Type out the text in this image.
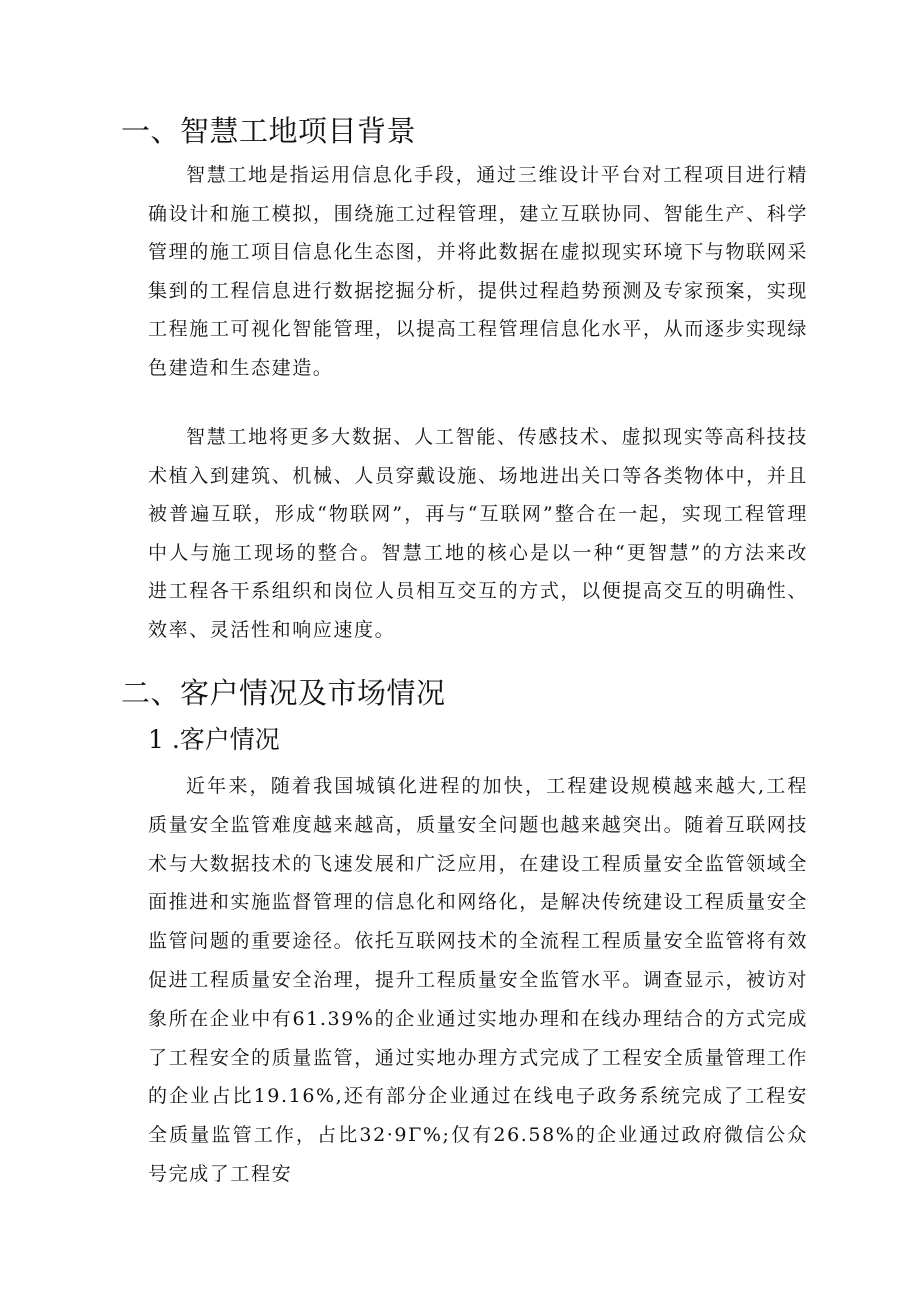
一、智慧工地项目背景

智慧工地是指运用信息化手段，通过三维设计平台对工程项目进行精确设计和施工模拟，围绕施工过程管理，建立互联协同、智能生产、科学管理的施工项目信息化生态图，并将此数据在虚拟现实环境下与物联网采集到的工程信息进行数据挖掘分析，提供过程趋势预测及专家预案，实现工程施工可视化智能管理，以提高工程管理信息化水平，从而逐步实现绿色建造和生态建造。

智慧工地将更多大数据、人工智能、传感技术、虚拟现实等高科技技术植入到建筑、机械、人员穿戴设施、场地进出关口等各类物体中，并且被普遍互联，形成“物联网”，再与“互联网”整合在一起，实现工程管理中人与施工现场的整合。智慧工地的核心是以一种“更智慧”的方法来改进工程各干系组织和岗位人员相互交互的方式，以便提高交互的明确性、效率、灵活性和响应速度。

二、客户情况及市场情况
1 .客户情况

近年来，随着我国城镇化进程的加快，工程建设规模越来越大,工程质量安全监管难度越来越高，质量安全问题也越来越突出。随着互联网技术与大数据技术的飞速发展和广泛应用，在建设工程质量安全监管领域全面推进和实施监督管理的信息化和网络化，是解决传统建设工程质量安全监管问题的重要途径。依托互联网技术的全流程工程质量安全监管将有效促进工程质量安全治理，提升工程质量安全监管水平。调查显示，被访对象所在企业中有61.39%的企业通过实地办理和在线办理结合的方式完成了工程安全的质量监管，通过实地办理方式完成了工程安全质量管理工作的企业占比19.16%,还有部分企业通过在线电子政务系统完成了工程安全质量监管工作，占比32·9Γ%;仅有26.58%的企业通过政府微信公众号完成了工程安
